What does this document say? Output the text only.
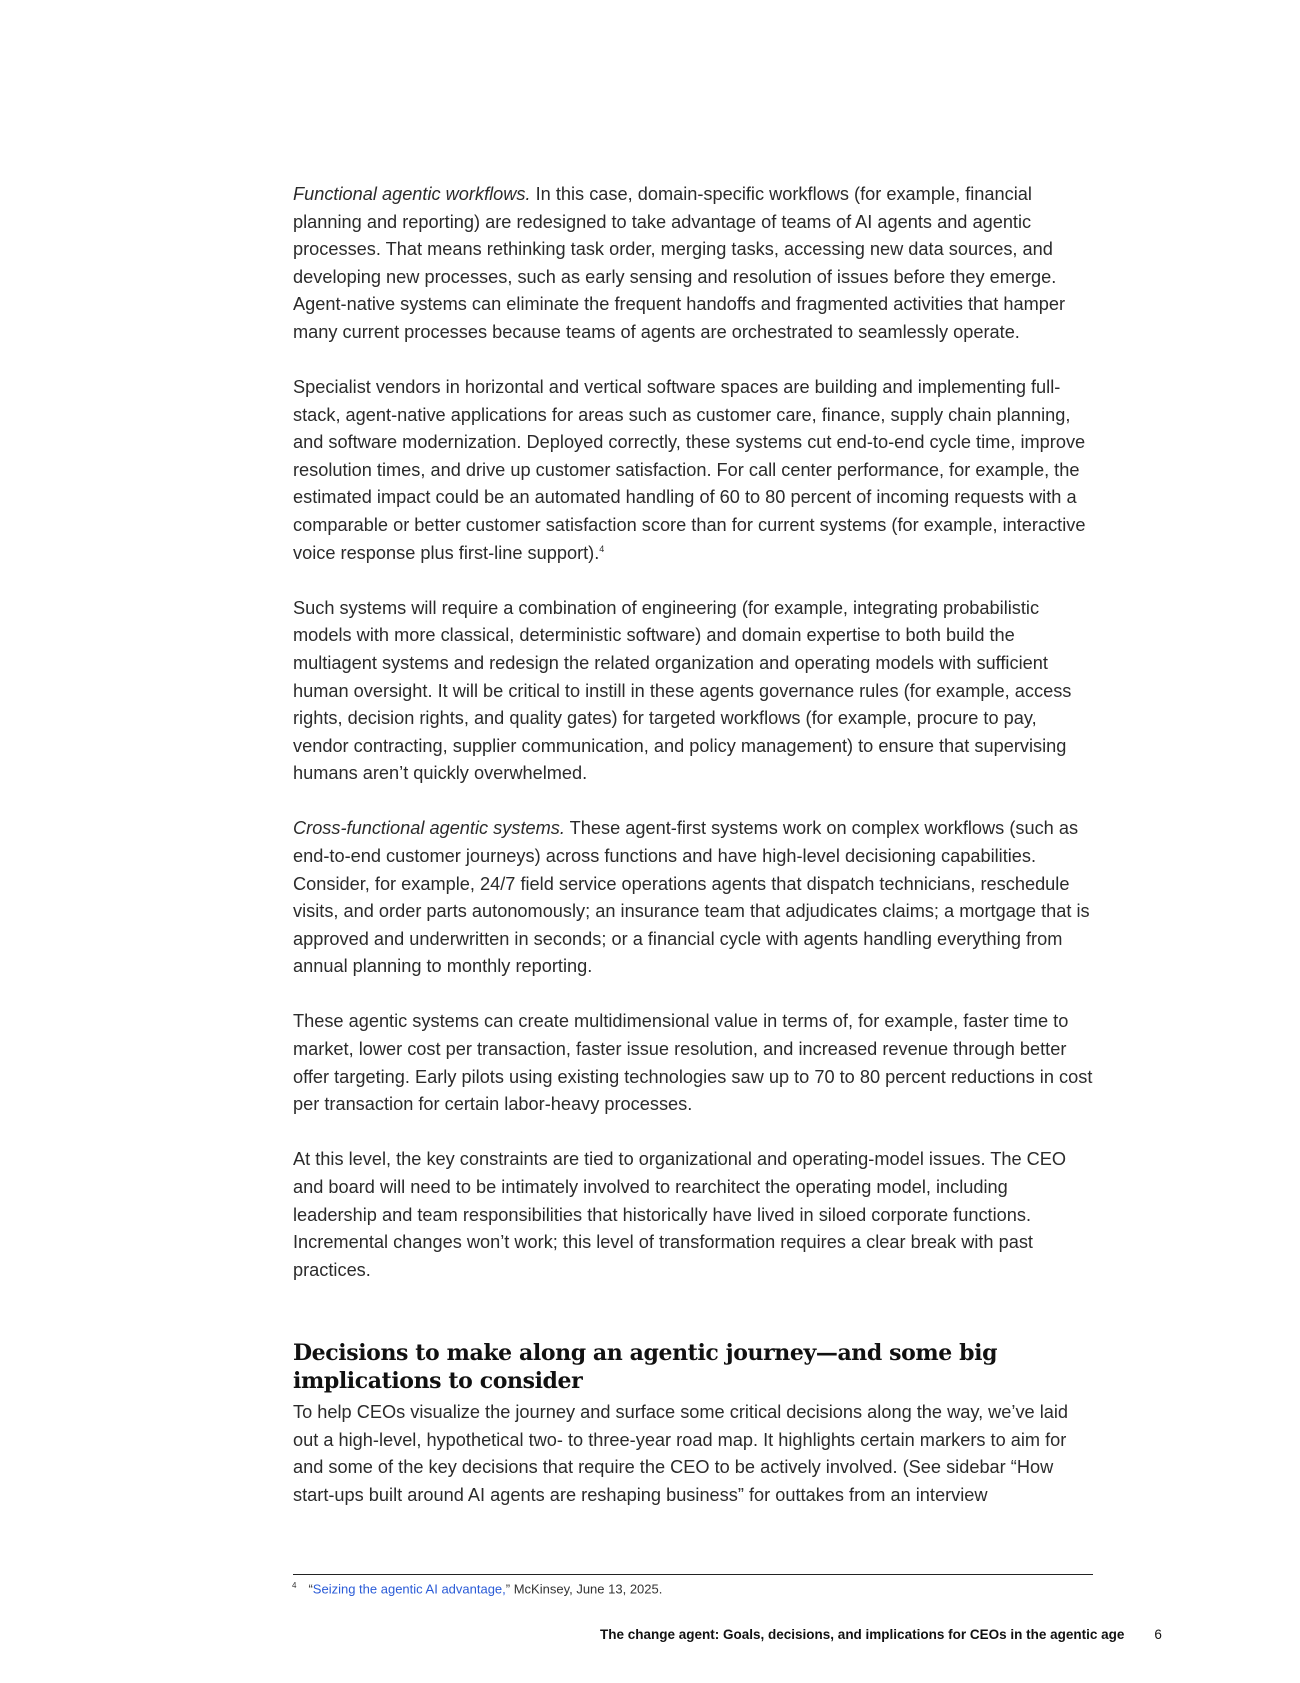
Functional agentic workflows. In this case, domain-specific workflows (for example, financial planning and reporting) are redesigned to take advantage of teams of AI agents and agentic processes. That means rethinking task order, merging tasks, accessing new data sources, and developing new processes, such as early sensing and resolution of issues before they emerge. Agent-native systems can eliminate the frequent handoffs and fragmented activities that hamper many current processes because teams of agents are orchestrated to seamlessly operate.

Specialist vendors in horizontal and vertical software spaces are building and implementing full-stack, agent-native applications for areas such as customer care, finance, supply chain planning, and software modernization. Deployed correctly, these systems cut end-to-end cycle time, improve resolution times, and drive up customer satisfaction. For call center performance, for example, the estimated impact could be an automated handling of 60 to 80 percent of incoming requests with a comparable or better customer satisfaction score than for current systems (for example, interactive voice response plus first-line support).$^4$

Such systems will require a combination of engineering (for example, integrating probabilistic models with more classical, deterministic software) and domain expertise to both build the multiagent systems and redesign the related organization and operating models with sufficient human oversight. It will be critical to instill in these agents governance rules (for example, access rights, decision rights, and quality gates) for targeted workflows (for example, procure to pay, vendor contracting, supplier communication, and policy management) to ensure that supervising humans aren’t quickly overwhelmed.

Cross-functional agentic systems. These agent-first systems work on complex workflows (such as end-to-end customer journeys) across functions and have high-level decisioning capabilities. Consider, for example, 24/7 field service operations agents that dispatch technicians, reschedule visits, and order parts autonomously; an insurance team that adjudicates claims; a mortgage that is approved and underwritten in seconds; or a financial cycle with agents handling everything from annual planning to monthly reporting.

These agentic systems can create multidimensional value in terms of, for example, faster time to market, lower cost per transaction, faster issue resolution, and increased revenue through better offer targeting. Early pilots using existing technologies saw up to 70 to 80 percent reductions in cost per transaction for certain labor-heavy processes.

At this level, the key constraints are tied to organizational and operating-model issues. The CEO and board will need to be intimately involved to rearchitect the operating model, including leadership and team responsibilities that historically have lived in siloed corporate functions. Incremental changes won’t work; this level of transformation requires a clear break with past practices.

Decisions to make along an agentic journey—and some big implications to consider

To help CEOs visualize the journey and surface some critical decisions along the way, we’ve laid out a high-level, hypothetical two- to three-year road map. It highlights certain markers to aim for and some of the key decisions that require the CEO to be actively involved. (See sidebar “How start-ups built around AI agents are reshaping business” for outtakes from an interview

$^4$ “Seizing the agentic AI advantage,” McKinsey, June 13, 2025.
The change agent: Goals, decisions, and implications for CEOs in the agentic age 6
